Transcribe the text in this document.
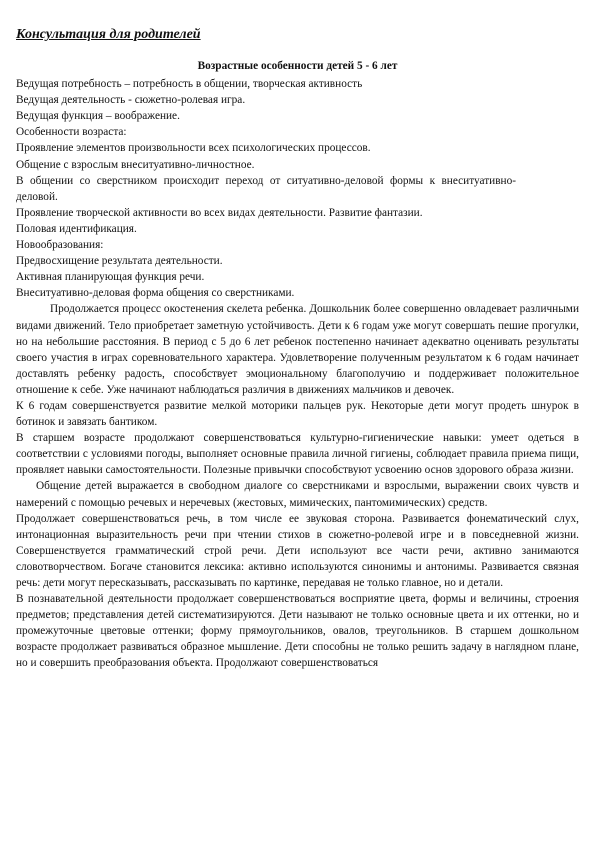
Консультация для родителей
Возрастные особенности детей 5 - 6 лет

Ведущая потребность – потребность в общении, творческая активность

Ведущая деятельность - сюжетно-ролевая игра.

Ведущая функция – воображение.

Особенности возраста:

Проявление элементов произвольности всех психологических процессов.

Общение с взрослым внеситуативно-личностное.

В общении со сверстником происходит переход от ситуативно-деловой формы к внеситуативно-деловой.

Проявление творческой активности во всех видах деятельности. Развитие фантазии.

Половая идентификация.

Новообразования:

Предвосхищение результата деятельности.

Активная планирующая функция речи.

Внеситуативно-деловая форма общения со сверстниками.

Продолжается процесс окостенения скелета ребенка. Дошкольник более совершенно овладевает различными видами движений. Тело приобретает заметную устойчивость. Дети к 6 годам уже могут совершать пешие прогулки, но на небольшие расстояния. В период с 5 до 6 лет ребенок постепенно начинает адекватно оценивать результаты своего участия в играх соревновательного характера. Удовлетворение полученным результатом к 6 годам начинает доставлять ребенку радость, способствует эмоциональному благополучию и поддерживает положительное отношение к себе. Уже начинают наблюдаться различия в движениях мальчиков и девочек.

К 6 годам совершенствуется развитие мелкой моторики пальцев рук. Некоторые дети могут продеть шнурок в ботинок и завязать бантиком.

В старшем возрасте продолжают совершенствоваться культурно-гигиенические навыки: умеет одеться в соответствии с условиями погоды, выполняет основные правила личной гигиены, соблюдает правила приема пищи, проявляет навыки самостоятельности. Полезные привычки способствуют усвоению основ здорового образа жизни.

Общение детей выражается в свободном диалоге со сверстниками и взрослыми, выражении своих чувств и намерений с помощью речевых и неречевых (жестовых, мимических, пантомимических) средств.

Продолжает совершенствоваться речь, в том числе ее звуковая сторона. Развивается фонематический слух, интонационная выразительность речи при чтении стихов в сюжетно-ролевой игре и в повседневной жизни. Совершенствуется грамматический строй речи. Дети используют все части речи, активно занимаются словотворчеством. Богаче становится лексика: активно используются синонимы и антонимы. Развивается связная речь: дети могут пересказывать, рассказывать по картинке, передавая не только главное, но и детали.

В познавательной деятельности продолжает совершенствоваться восприятие цвета, формы и величины, строения предметов; представления детей систематизируются. Дети называют не только основные цвета и их оттенки, но и промежуточные цветовые оттенки; форму прямоугольников, овалов, треугольников. В старшем дошкольном возрасте продолжает развиваться образное мышление. Дети способны не только решить задачу в наглядном плане, но и совершить преобразования объекта. Продолжают совершенствоваться
